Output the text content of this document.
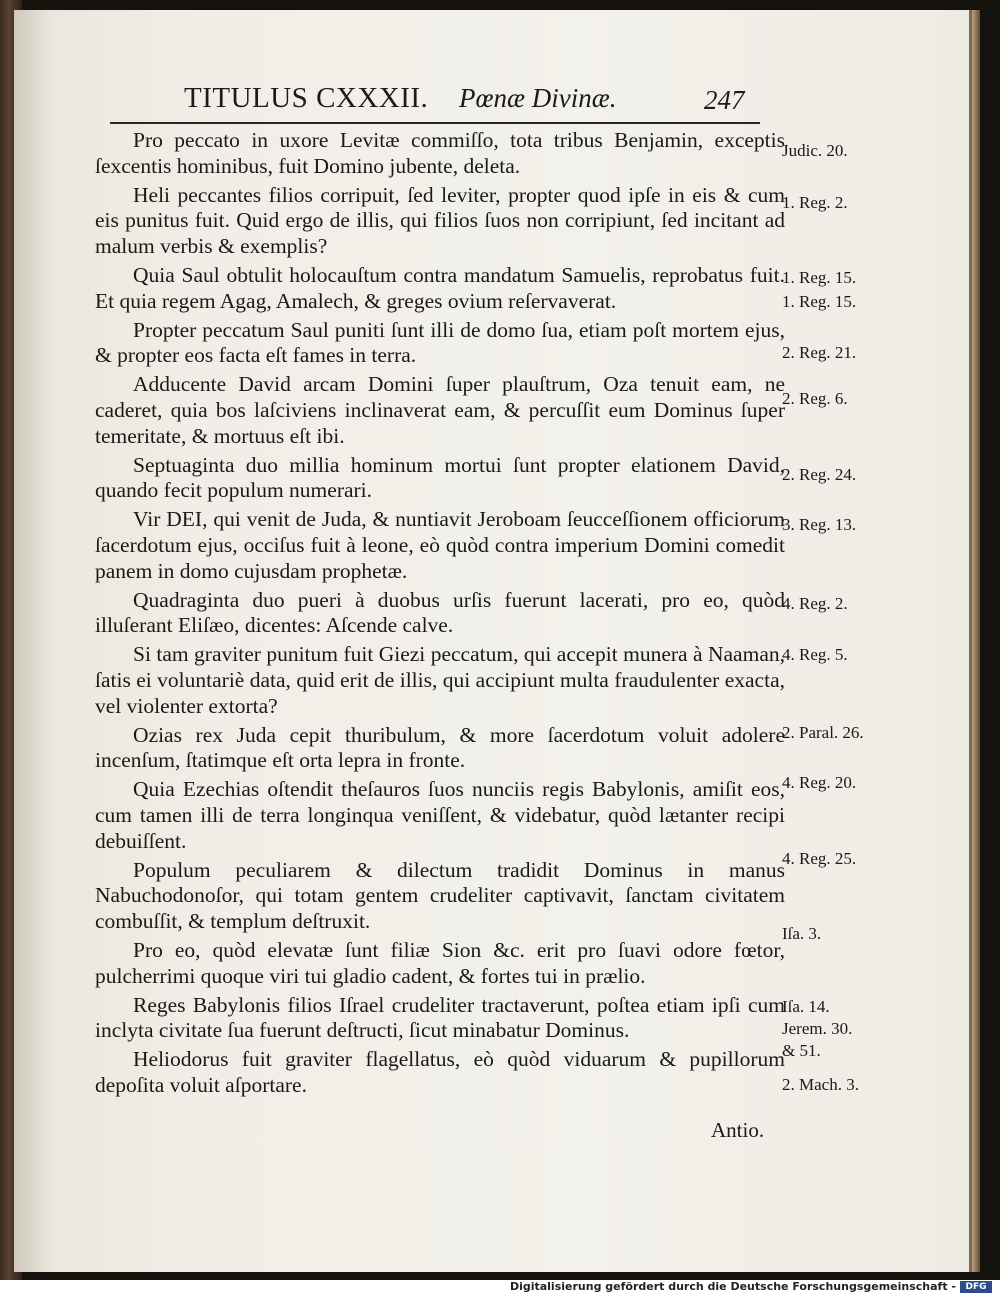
TITULUS CXXXII. Pœnæ Divinæ.	247

Pro peccato in uxore Levitæ commiſſo, tota tribus Benjamin, exceptis ſexcentis hominibus, fuit Domino jubente, deleta.

Heli peccantes filios corripuit, ſed leviter, propter quod ipſe in eis & cum eis punitus fuit. Quid ergo de illis, qui filios ſuos non corripiunt, ſed incitant ad malum verbis & exemplis?

Quia Saul obtulit holocauſtum contra mandatum Samuelis, reprobatus fuit. Et quia regem Agag, Amalech, & greges ovium reſervaverat.

Propter peccatum Saul puniti ſunt illi de domo ſua, etiam poſt mortem ejus, & propter eos facta eſt fames in terra.

Adducente David arcam Domini ſuper plauſtrum, Oza tenuit eam, ne caderet, quia bos laſciviens inclinaverat eam, & percuſſit eum Dominus ſuper temeritate, & mortuus eſt ibi.

Septuaginta duo millia hominum mortui ſunt propter elationem David, quando fecit populum numerari.

Vir DEI, qui venit de Juda, & nuntiavit Jeroboam ſeucceſſionem officiorum ſacerdotum ejus, occiſus fuit à leone, eò quòd contra imperium Domini comedit panem in domo cujusdam prophetæ.

Quadraginta duo pueri à duobus urſis fuerunt lacerati, pro eo, quòd illuſerant Eliſæo, dicentes: Aſcende calve.

Si tam graviter punitum fuit Giezi peccatum, qui accepit munera à Naaman, ſatis ei voluntariè data, quid erit de illis, qui accipiunt multa fraudulenter exacta, vel violenter extorta?

Ozias rex Juda cepit thuribulum, & more ſacerdotum voluit adolere incenſum, ſtatimque eſt orta lepra in fronte.

Quia Ezechias oſtendit theſauros ſuos nunciis regis Babylonis, amiſit eos, cum tamen illi de terra longinqua veniſſent, & videbatur, quòd lætanter recipi debuiſſent.

Populum peculiarem & dilectum tradidit Dominus in manus Nabuchodonoſor, qui totam gentem crudeliter captivavit, ſanctam civitatem combuſſit, & templum deſtruxit.

Pro eo, quòd elevatæ ſunt filiæ Sion &c. erit pro ſuavi odore fœtor, pulcherrimi quoque viri tui gladio cadent, & fortes tui in prælio.

Reges Babylonis filios Iſrael crudeliter tractaverunt, poſtea etiam ipſi cum inclyta civitate ſua fuerunt deſtructi, ſicut minabatur Dominus.

Heliodorus fuit graviter flagellatus, eò quòd viduarum & pupillorum depoſita voluit aſportare.

Judic. 20.
1. Reg. 2.
1. Reg. 15.
1. Reg. 15.
2. Reg. 21.
2. Reg. 6.
2. Reg. 24.
3. Reg. 13.
4. Reg. 2.
4. Reg. 5.
2. Paral. 26.
4. Reg. 20.
4. Reg. 25.
Iſa. 3.
Iſa. 14.
Jerem. 30.
& 51.
2. Mach. 3.
Antio.
Digitalisierung gefördert durch die Deutsche Forschungsgemeinschaft -	DFG
